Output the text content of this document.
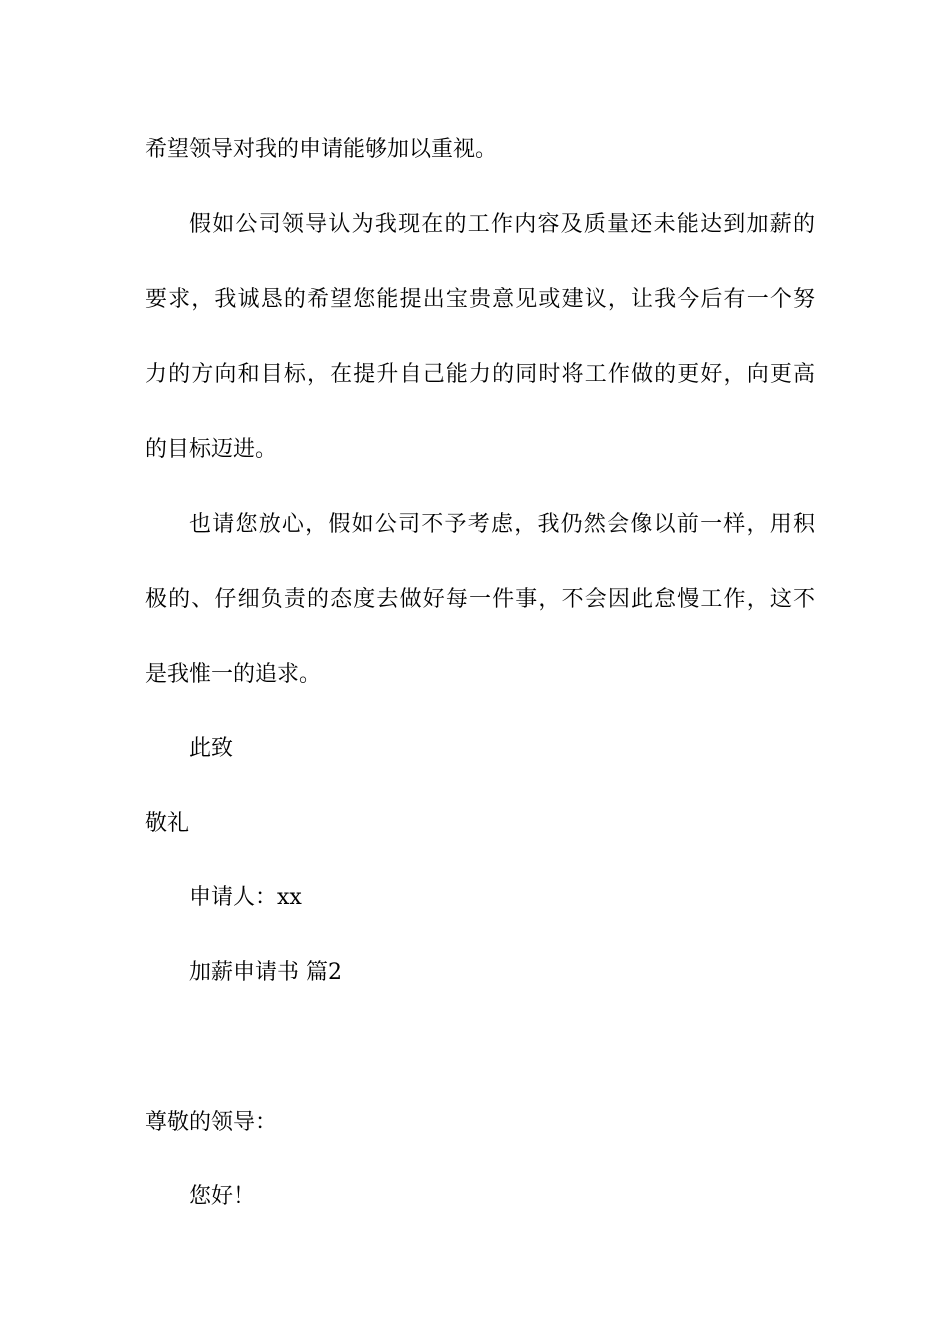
希望领导对我的申请能够加以重视。

假如公司领导认为我现在的工作内容及质量还未能达到加薪的

要求，我诚恳的希望您能提出宝贵意见或建议，让我今后有一个努

力的方向和目标，在提升自己能力的同时将工作做的更好，向更高

的目标迈进。

也请您放心，假如公司不予考虑，我仍然会像以前一样，用积

极的、仔细负责的态度去做好每一件事，不会因此怠慢工作，这不

是我惟一的追求。

此致

敬礼

申请人：xx

加薪申请书 篇2

尊敬的领导：

您好！
